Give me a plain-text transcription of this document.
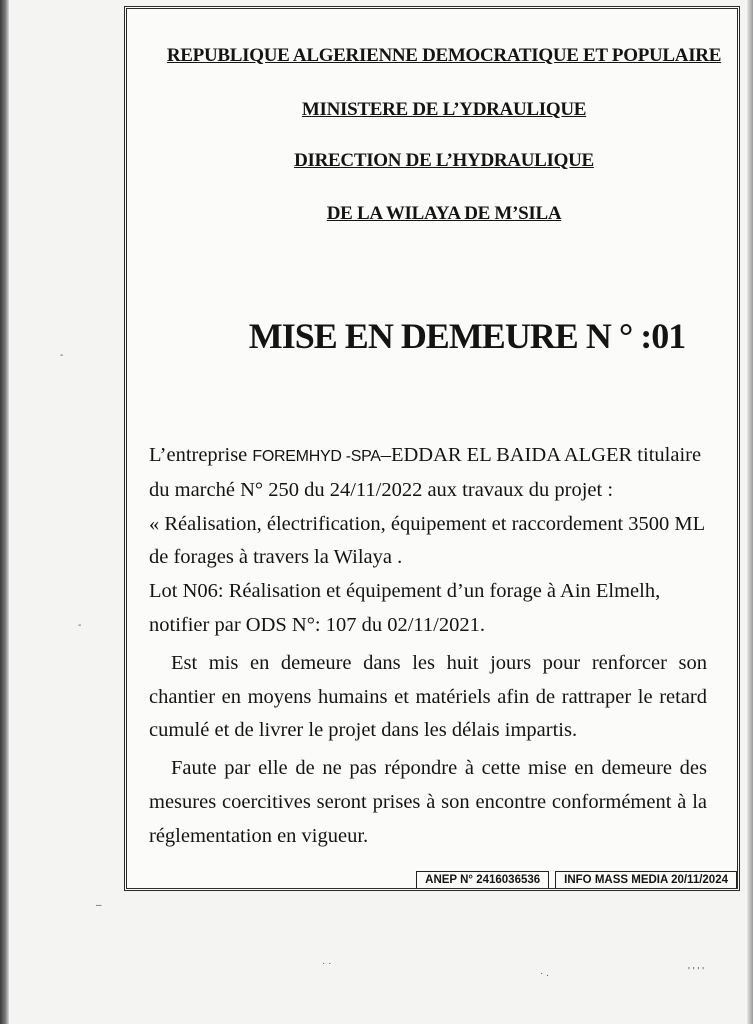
REPUBLIQUE ALGERIENNE DEMOCRATIQUE ET POPULAIRE
MINISTERE DE L’YDRAULIQUE
DIRECTION DE L’HYDRAULIQUE
DE LA WILAYA DE M’SILA
MISE EN DEMEURE N ° :01

L’entreprise FOREMHYD -SPA–EDDAR EL BAIDA ALGER titulaire

du marché N° 250 du 24/11/2022 aux travaux du projet :

« Réalisation, électrification, équipement et raccordement 3500 ML

de forages à travers la Wilaya .

Lot N06: Réalisation et équipement d’un forage à Ain Elmelh,

notifier par ODS N°: 107 du 02/11/2021.

Est mis en demeure dans les huit jours pour renforcer son chantier en moyens humains et matériels afin de rattraper le retard cumulé et de livrer le projet dans les délais impartis.

Faute par elle de ne pas répondre à cette mise en demeure des mesures coercitives seront prises à son encontre conformément à la réglementation en vigueur.

ANEP N° 2416036536	INFO MASS MEDIA 20/11/2024
-
-
· ·
· .	' ' ' '
–
